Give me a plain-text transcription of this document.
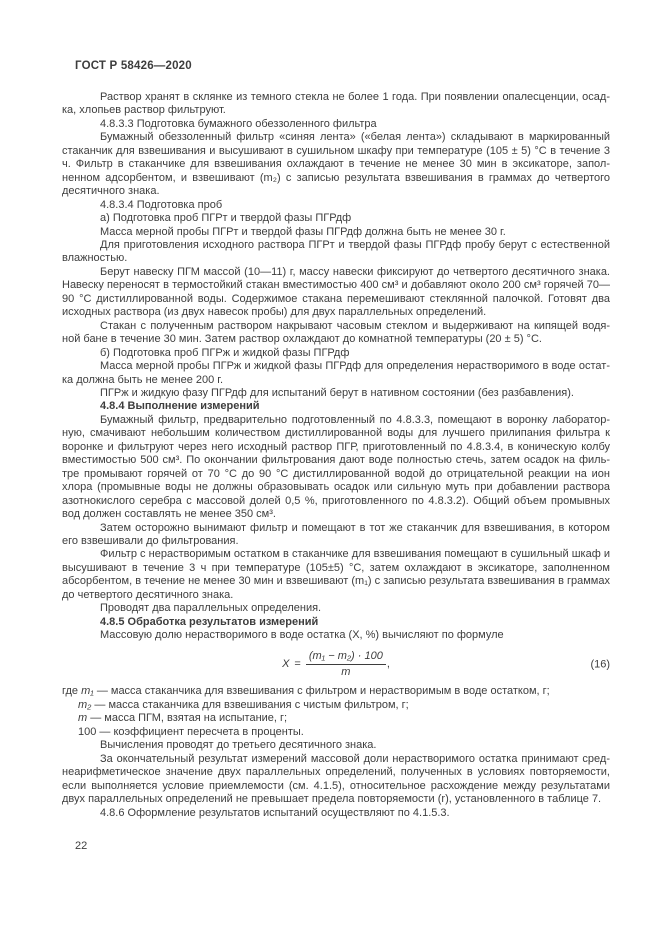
ГОСТ Р 58426—2020

Раствор хранят в склянке из темного стекла не более 1 года. При появлении опалесценции, осадка, хлопьев раствор фильтруют.

4.8.3.3 Подготовка бумажного обеззоленного фильтра

Бумажный обеззоленный фильтр «синяя лента» («белая лента») складывают в маркированный стаканчик для взвешивания и высушивают в сушильном шкафу при температуре (105 ± 5) °С в течение 3 ч. Фильтр в стаканчике для взвешивания охлаждают в течение не менее 30 мин в эксикаторе, заполненном адсорбентом, и взвешивают (m₂) с записью результата взвешивания в граммах до четвертого десятичного знака.

4.8.3.4 Подготовка проб

а) Подготовка проб ПГРт и твердой фазы ПГРдф

Масса мерной пробы ПГРт и твердой фазы ПГРдф должна быть не менее 30 г.

Для приготовления исходного раствора ПГРт и твердой фазы ПГРдф пробу берут с естественной влажностью.

Берут навеску ПГМ массой (10—11) г, массу навески фиксируют до четвертого десятичного знака. Навеску переносят в термостойкий стакан вместимостью 400 см³ и добавляют около 200 см³ горячей 70—90 °С дистиллированной воды. Содержимое стакана перемешивают стеклянной палочкой. Готовят два исходных раствора (из двух навесок пробы) для двух параллельных определений.

Стакан с полученным раствором накрывают часовым стеклом и выдерживают на кипящей водяной бане в течение 30 мин. Затем раствор охлаждают до комнатной температуры (20 ± 5) °С.

б) Подготовка проб ПГРж и жидкой фазы ПГРдф

Масса мерной пробы ПГРж и жидкой фазы ПГРдф для определения нерастворимого в воде остатка должна быть не менее 200 г.

ПГРж и жидкую фазу ПГРдф для испытаний берут в нативном состоянии (без разбавления).

4.8.4 Выполнение измерений

Бумажный фильтр, предварительно подготовленный по 4.8.3.3, помещают в воронку лабораторную, смачивают небольшим количеством дистиллированной воды для лучшего прилипания фильтра к воронке и фильтруют через него исходный раствор ПГР, приготовленный по 4.8.3.4, в коническую колбу вместимостью 500 см³. По окончании фильтрования дают воде полностью стечь, затем осадок на фильтре промывают горячей от 70 °С до 90 °С дистиллированной водой до отрицательной реакции на ион хлора (промывные воды не должны образовывать осадок или сильную муть при добавлении раствора азотнокислого серебра с массовой долей 0,5 %, приготовленного по 4.8.3.2). Общий объем промывных вод должен составлять не менее 350 см³.

Затем осторожно вынимают фильтр и помещают в тот же стаканчик для взвешивания, в котором его взвешивали до фильтрования.

Фильтр с нерастворимым остатком в стаканчике для взвешивания помещают в сушильный шкаф и высушивают в течение 3 ч при температуре (105±5) °С, затем охлаждают в эксикаторе, заполненном абсорбентом, в течение не менее 30 мин и взвешивают (m₁) с записью результата взвешивания в граммах до четвертого десятичного знака.

Проводят два параллельных определения.

4.8.5 Обработка результатов измерений

Массовую долю нерастворимого в воде остатка (X, %) вычисляют по формуле

$X = \frac{\text{(m₁ − m₂) · 100}}{m}$ ,	(16)

где m₁ — масса стаканчика для взвешивания с фильтром и нерастворимым в воде остатком, г;

m₂ — масса стаканчика для взвешивания с чистым фильтром, г;

m — масса ПГМ, взятая на испытание, г;

100 — коэффициент пересчета в проценты.

Вычисления проводят до третьего десятичного знака.

За окончательный результат измерений массовой доли нерастворимого остатка принимают среднеарифметическое значение двух параллельных определений, полученных в условиях повторяемости, если выполняется условие приемлемости (см. 4.1.5), относительное расхождение между результатами двух параллельных определений не превышает предела повторяемости (r), установленного в таблице 7.

4.8.6 Оформление результатов испытаний осуществляют по 4.1.5.3.

22
